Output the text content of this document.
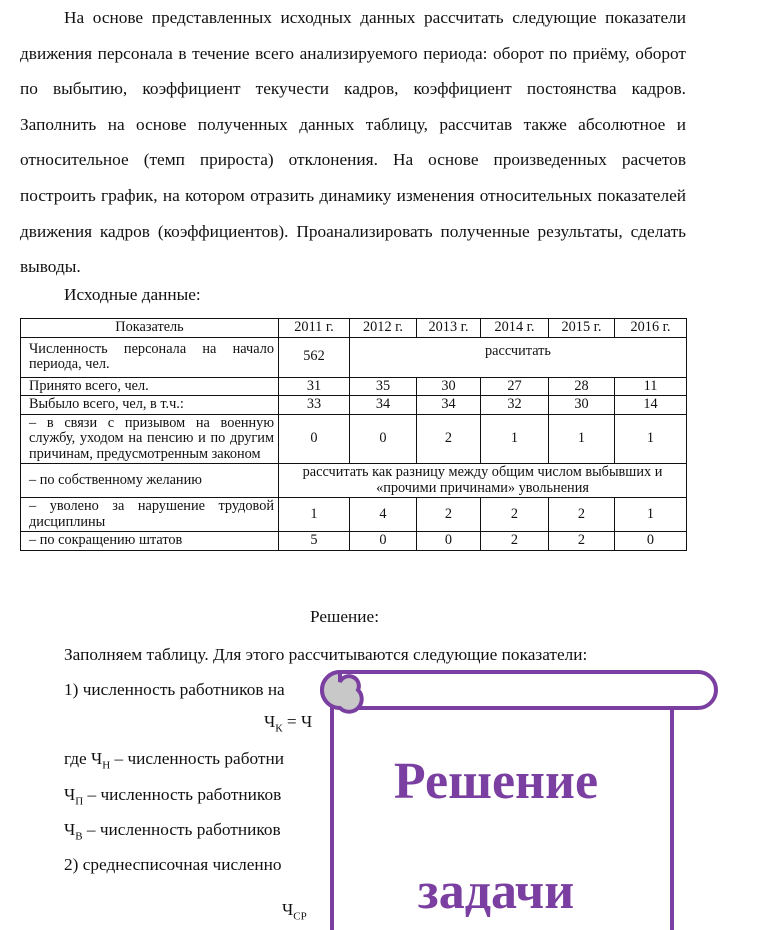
На основе представленных исходных данных рассчитать следующие показатели движения персонала в течение всего анализируемого периода: оборот по приёму, оборот по выбытию, коэффициент текучести кадров, коэффициент постоянства кадров. Заполнить на основе полученных данных таблицу, рассчитав также абсолютное и относительное (темп прироста) отклонения. На основе произведенных расчетов построить график, на котором отразить динамику изменения относительных показателей движения кадров (коэффициентов). Проанализировать полученные результаты, сделать выводы.

Исходные данные:
Показатель	2011 г.	2012 г.	2013 г.	2014 г.	2015 г.	2016 г.
Численность персонала на начало периода, чел.	562	рассчитать				
Принято всего, чел.	31	35	30	27	28	11
Выбыло всего, чел, в т.ч.:	33	34	34	32	30	14
– в связи с призывом на военную службу, уходом на пенсию и по другим причинам, предусмотренным законом	0	0	2	1	1	1
– по собственному желанию	рассчитать как разницу между общим числом выбывших и «прочими причинами» увольнения					
– уволено за нарушение трудовой дисциплины	1	4	2	2	2	1
– по сокращению штатов	5	0	0	2	2	0
Решение:
Заполняем таблицу. Для этого рассчитываются следующие показатели:
1) численность работников на
$Ч_К = Ч$
где $Ч_Н$ – численность работни
$Ч_П$ – численность работников
$Ч_В$ – численность работников
2) среднесписочная численно
$Ч_{СР}$
Решение
задачи
